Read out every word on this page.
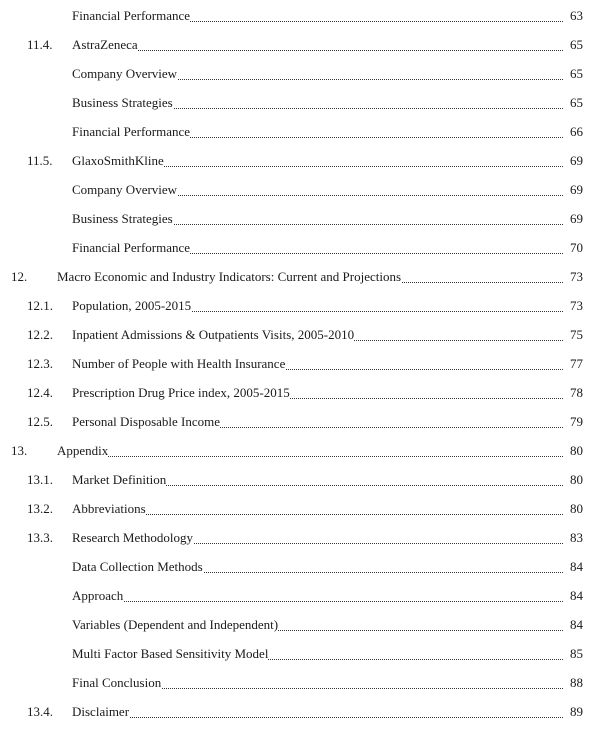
Financial Performance	63
11.4. AstraZeneca	65
Company Overview	65
Business Strategies	65
Financial Performance	66
11.5. GlaxoSmithKline	69
Company Overview	69
Business Strategies	69
Financial Performance	70
12. Macro Economic and Industry Indicators: Current and Projections	73
12.1. Population, 2005-2015	73
12.2. Inpatient Admissions & Outpatients Visits, 2005-2010	75
12.3. Number of People with Health Insurance	77
12.4. Prescription Drug Price index, 2005-2015	78
12.5. Personal Disposable Income	79
13. Appendix	80
13.1. Market Definition	80
13.2. Abbreviations	80
13.3. Research Methodology	83
Data Collection Methods	84
Approach	84
Variables (Dependent and Independent)	84
Multi Factor Based Sensitivity Model	85
Final Conclusion	88
13.4. Disclaimer	89
